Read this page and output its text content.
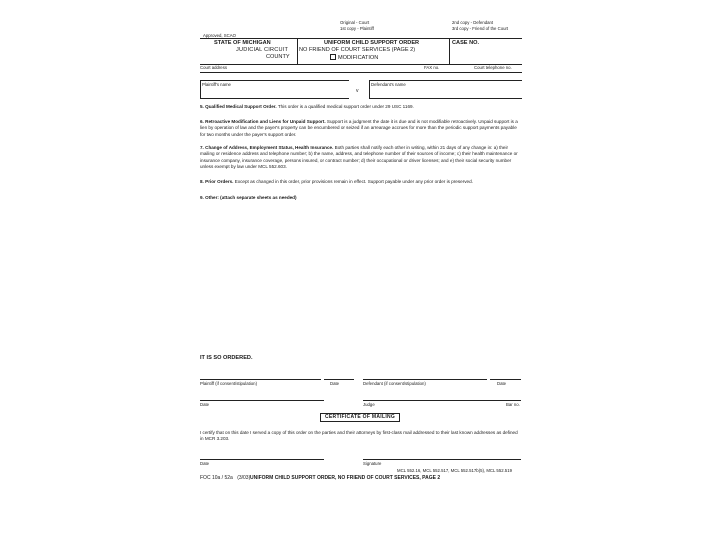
Approved, SCAO
Original - Court
1st copy - Plaintiff
2nd copy - Defendant
3rd copy - Friend of the Court
STATE OF MICHIGAN
JUDICIAL CIRCUIT
COUNTY
UNIFORM CHILD SUPPORT ORDER
NO FRIEND OF COURT SERVICES (PAGE 2)
MODIFICATION
CASE NO.
Court address	FAX no.	Court telephone no.
Plaintiff's name
v
Defendant's name
5. Qualified Medical Support Order. This order is a qualified medical support order under 29 USC 1169.
6. Retroactive Modification and Liens for Unpaid Support. Support is a judgment the date it is due and is not modifiable retroactively. Unpaid support is a lien by operation of law and the payer's property can be encumbered or seized if an arrearage accrues for more than the periodic support payments payable for two months under the payer's support order.
7. Change of Address, Employment Status, Health Insurance. Both parties shall notify each other in writing, within 21 days of any change in: a) their mailing or residence address and telephone number; b) the name, address, and telephone number of their sources of income; c) their health maintenance or insurance company, insurance coverage, persons insured, or contract number; d) their occupational or driver licenses; and e) their social security number unless exempt by law under MCL 552.603.
8. Prior Orders. Except as changed in this order, prior provisions remain in effect. Support payable under any prior order is preserved.
9. Other: (attach separate sheets as needed)
IT IS SO ORDERED.
Plaintiff (if consent/stipulation)	Date	Defendant (if consent/stipulation)	Date
Date	Judge	Bar no.
CERTIFICATE OF MAILING
I certify that on this date I served a copy of this order on the parties and their attorneys by first-class mail addressed to their last known addresses as defined in MCR 3.203.
Date	Signature
MCL 552.16, MCL 552.517, MCL 552.517b(5), MCL 552.519
FOC 10a / 52a (3/03) UNIFORM CHILD SUPPORT ORDER, NO FRIEND OF COURT SERVICES, PAGE 2
